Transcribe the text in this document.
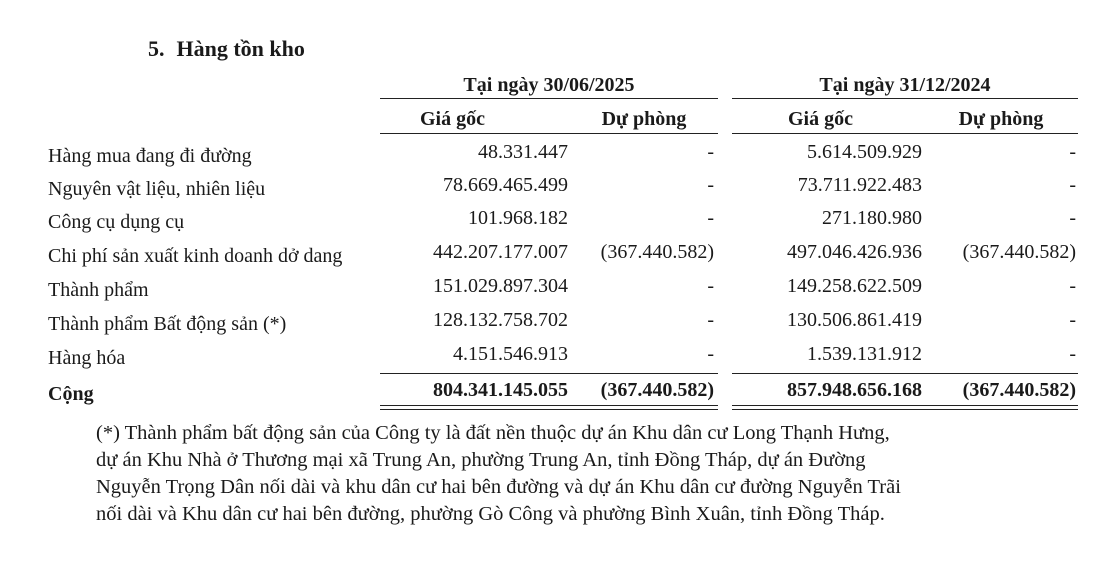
5. Hàng tồn kho
Tại ngày 30/06/2025	Tại ngày 31/12/2024
Giá gốc	Dự phòng	Giá gốc	Dự phòng
Hàng mua đang đi đường	48.331.447	-	5.614.509.929	-
Nguyên vật liệu, nhiên liệu	78.669.465.499	-	73.711.922.483	-
Công cụ dụng cụ	101.968.182	-	271.180.980	-
Chi phí sản xuất kinh doanh dở dang	442.207.177.007	(367.440.582)	497.046.426.936	(367.440.582)
Thành phẩm	151.029.897.304	-	149.258.622.509	-
Thành phẩm Bất động sản (*)	128.132.758.702	-	130.506.861.419	-
Hàng hóa	4.151.546.913	-	1.539.131.912	-
Cộng	804.341.145.055	(367.440.582)	857.948.656.168	(367.440.582)
(*) Thành phẩm bất động sản của Công ty là đất nền thuộc dự án Khu dân cư Long Thạnh Hưng,
dự án Khu Nhà ở Thương mại xã Trung An, phường Trung An, tỉnh Đồng Tháp, dự án Đường
Nguyễn Trọng Dân nối dài và khu dân cư hai bên đường và dự án Khu dân cư đường Nguyễn Trãi
nối dài và Khu dân cư hai bên đường, phường Gò Công và phường Bình Xuân, tỉnh Đồng Tháp.
